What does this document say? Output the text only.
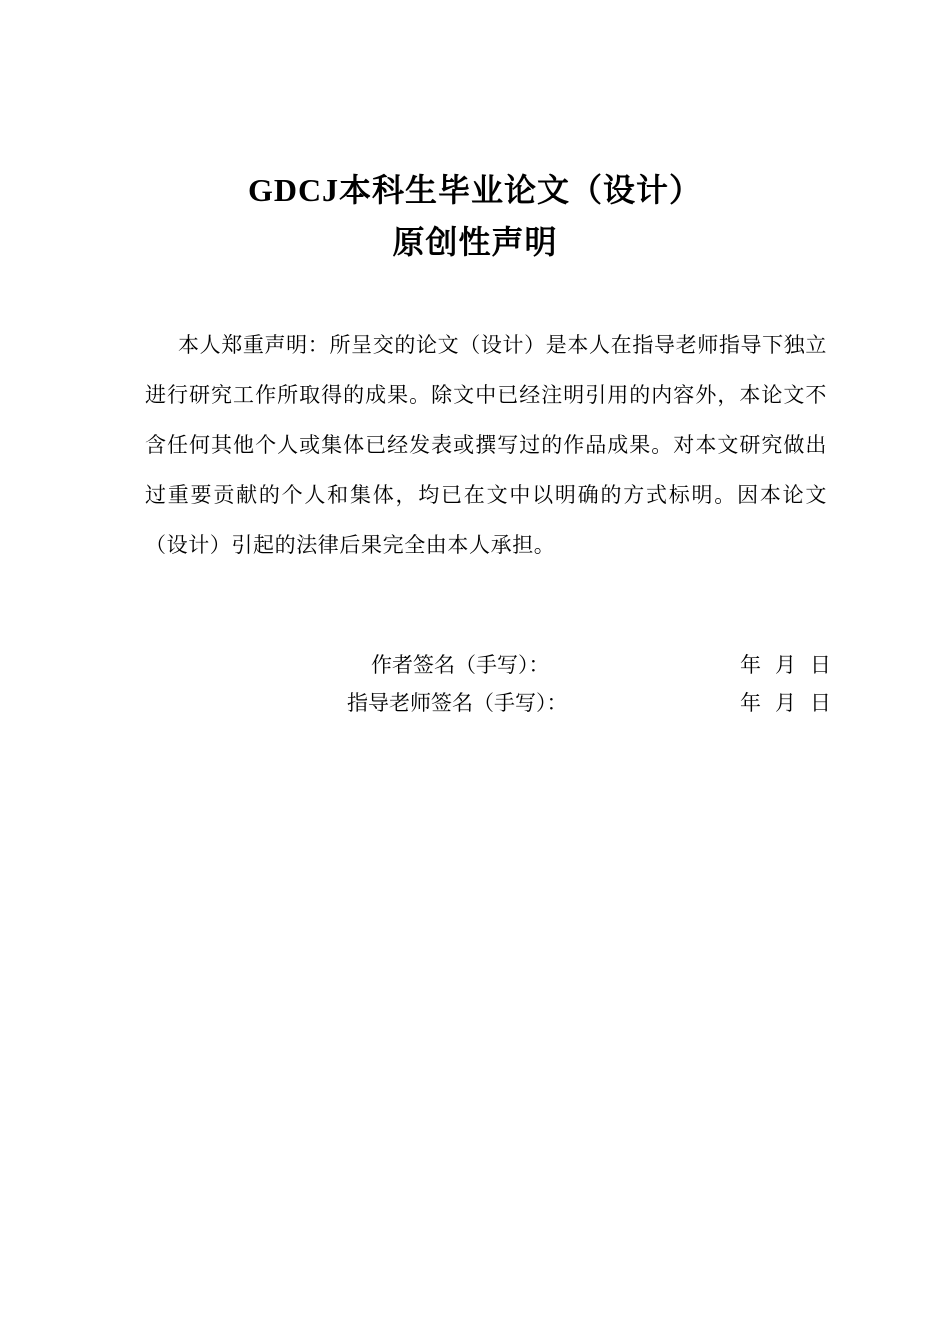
GDCJ本科生毕业论文（设计）
原创性声明
本人郑重声明：所呈交的论文（设计）是本人在指导老师指导下独立进行研究工作所取得的成果。除文中已经注明引用的内容外，本论文不含任何其他个人或集体已经发表或撰写过的作品成果。对本文研究做出过重要贡献的个人和集体，均已在文中以明确的方式标明。因本论文（设计）引起的法律后果完全由本人承担。
作者签名（手写）：	年 月 日
指导老师签名（手写）：	年 月 日
